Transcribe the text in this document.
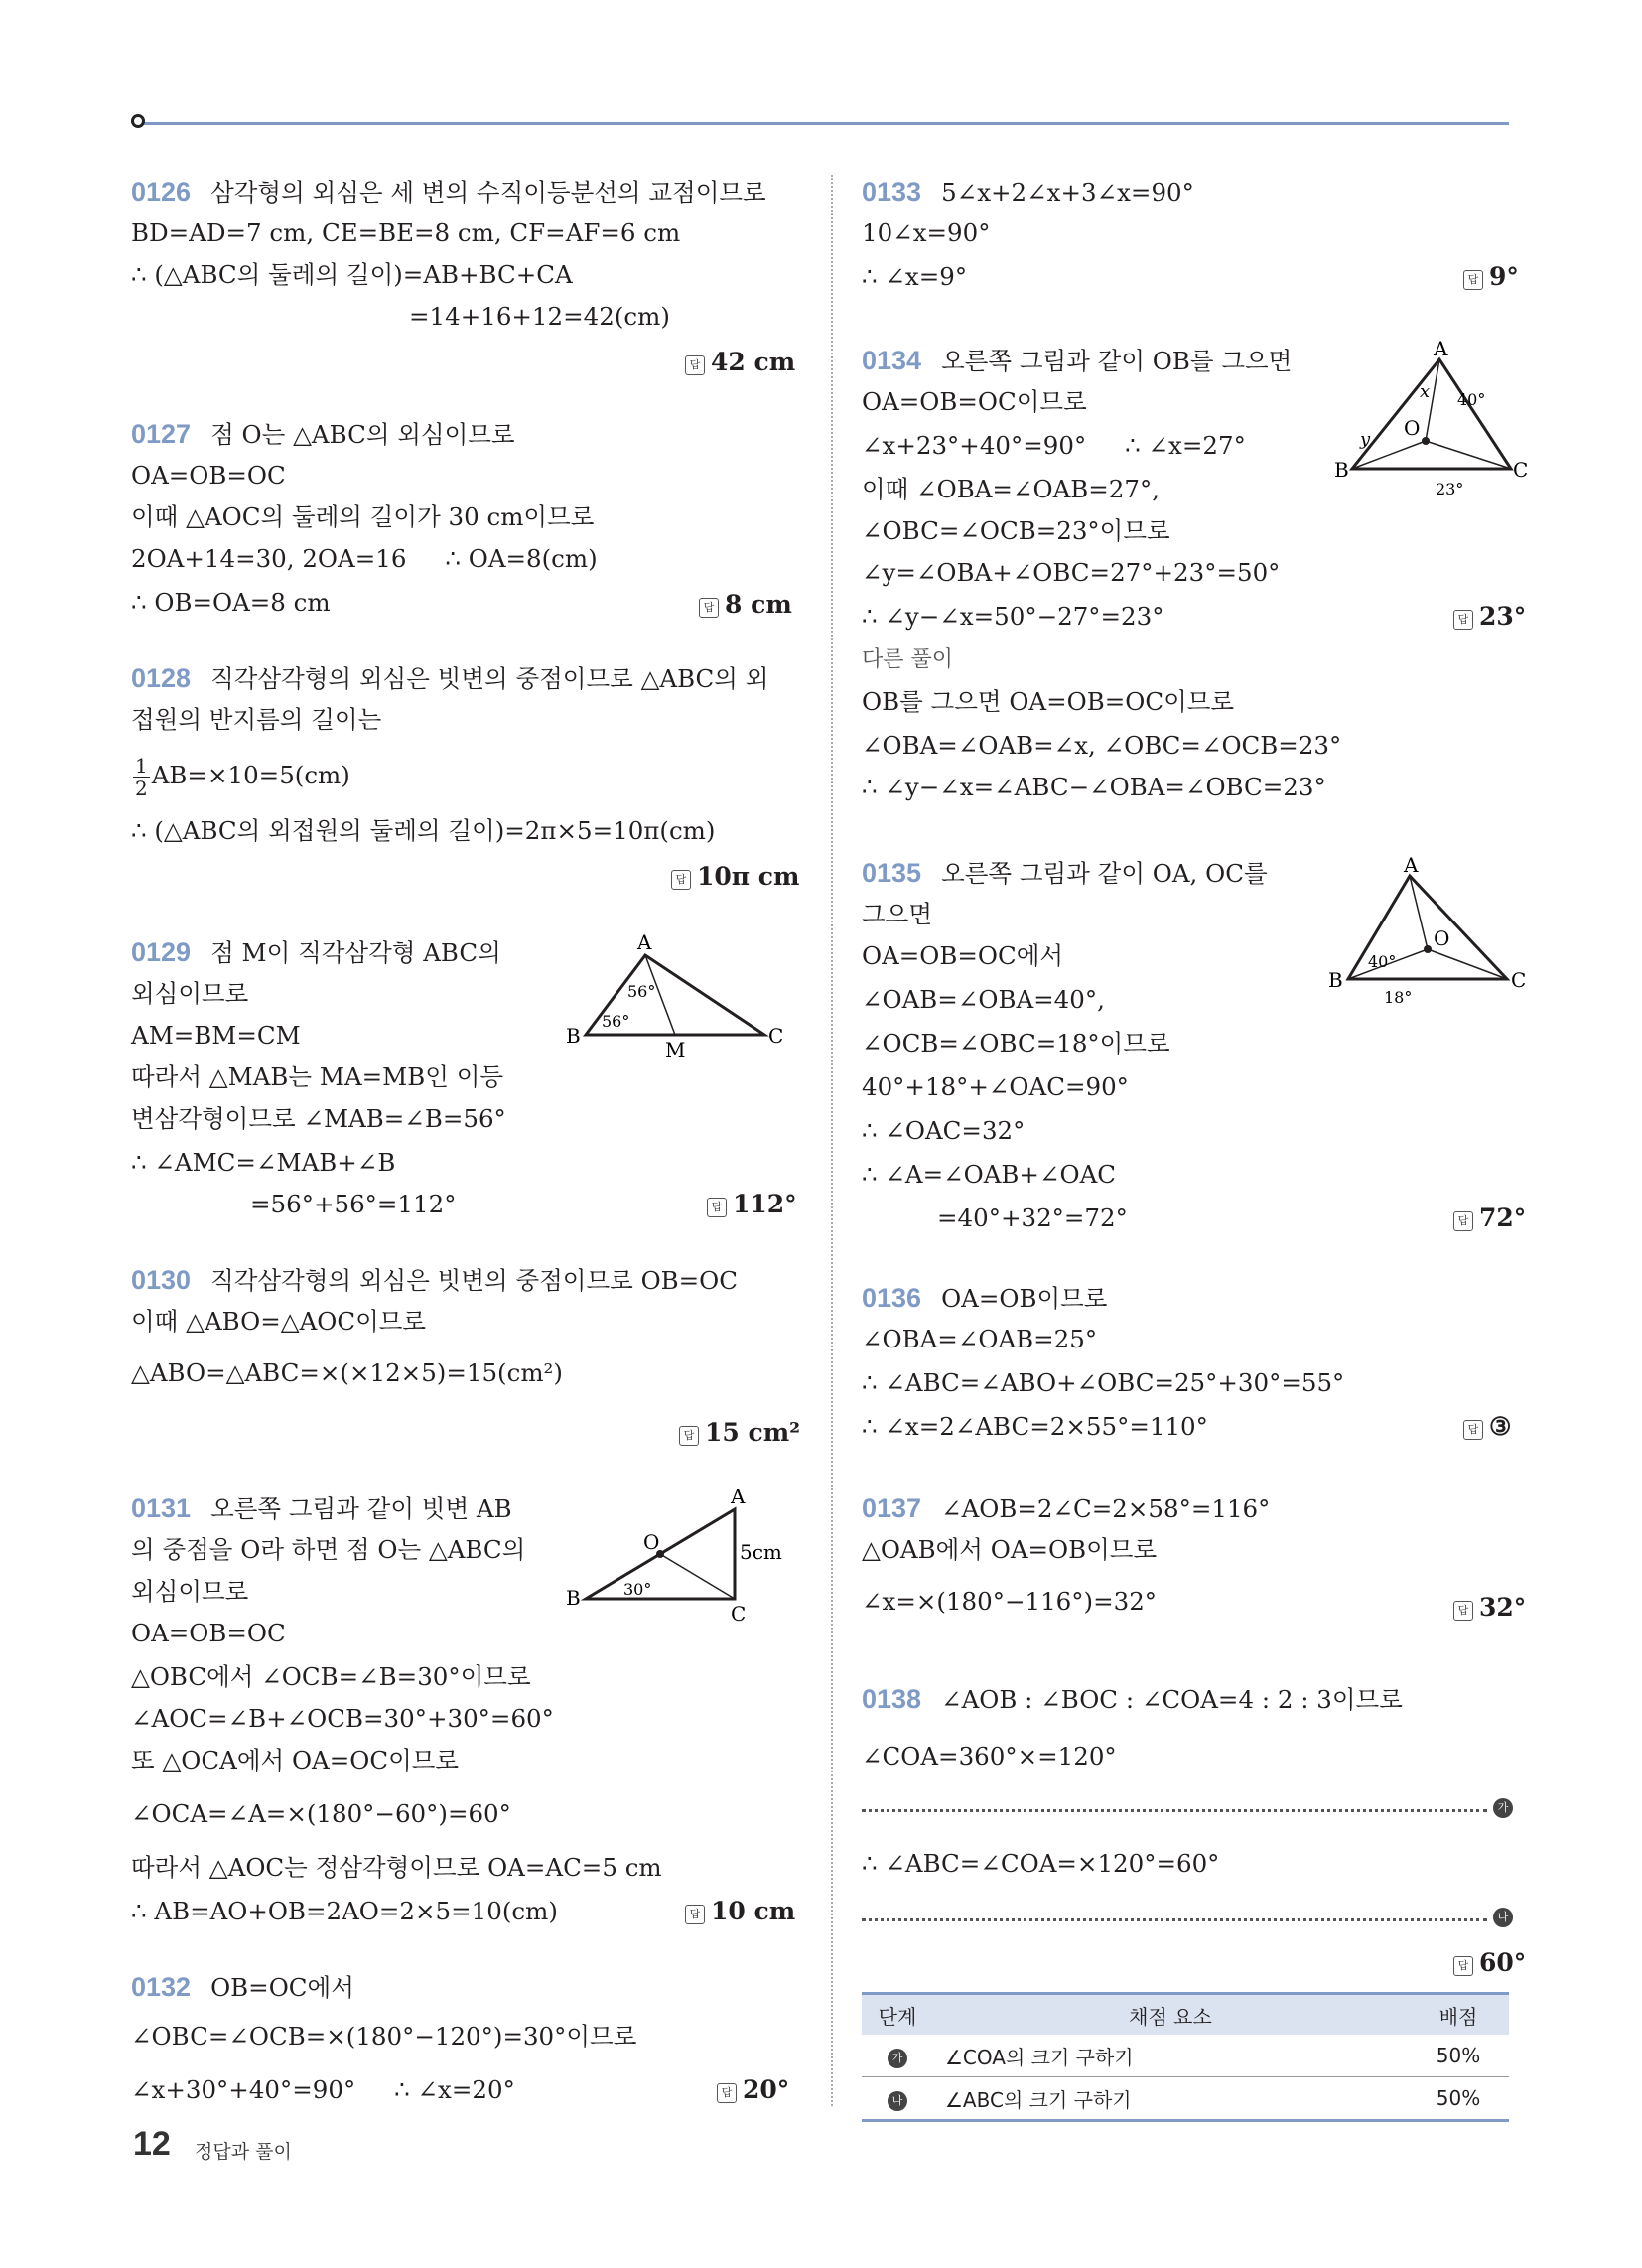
0126 삼각형의 외심은 세 변의 수직이등분선의 교점이므로
BD=AD=7 cm, CE=BE=8 cm, CF=AF=6 cm
∴ (△ABC의 둘레의 길이)=AB+BC+CA
=14+16+12=42(cm)
답 42 cm
0127 점 O는 △ABC의 외심이므로
OA=OB=OC
이때 △AOC의 둘레의 길이가 30 cm이므로
2OA+14=30, 2OA=16     ∴ OA=8(cm)
∴ OB=OA=8 cm	답 8 cm
0128 직각삼각형의 외심은 빗변의 중점이므로 △ABC의 외
접원의 반지름의 길이는
$\frac{1}{2} AB=\times 10=5(cm)$
∴ (△ABC의 외접원의 둘레의 길이)=2π×5=10π(cm)
답 10π cm
0129 점 M이 직각삼각형 ABC의
외심이므로
AM=BM=CM
따라서 △MAB는 MA=MB인 이등
변삼각형이므로 ∠MAB=∠B=56°
∴ ∠AMC=∠MAB+∠B
=56°+56°=112°	답 112°
A
B	C
M
56°
56°
0130 직각삼각형의 외심은 빗변의 중점이므로 OB=OC
이때 △ABO=△AOC이므로
△ABO=△ABC=×(×12×5)=15(cm²)
답 15 cm²
0131 오른쪽 그림과 같이 빗변 AB
의 중점을 O라 하면 점 O는 △ABC의
외심이므로
OA=OB=OC
△OBC에서 ∠OCB=∠B=30°이므로
∠AOC=∠B+∠OCB=30°+30°=60°
또 △OCA에서 OA=OC이므로
∠OCA=∠A=×(180°−60°)=60°
따라서 △AOC는 정삼각형이므로 OA=AC=5 cm
∴ AB=AO+OB=2AO=2×5=10(cm)	답 10 cm
A
B
C
O	5cm
30°
0132 OB=OC에서
∠OBC=∠OCB=×(180°−120°)=30°이므로
∠x+30°+40°=90°     ∴ ∠x=20°	답 20°
0133 5∠x+2∠x+3∠x=90°
10∠x=90°
∴ ∠x=9°	답 9°
0134 오른쪽 그림과 같이 OB를 그으면
OA=OB=OC이므로
∠x+23°+40°=90°     ∴ ∠x=27°
이때 ∠OBA=∠OAB=27°,
∠OBC=∠OCB=23°이므로
∠y=∠OBA+∠OBC=27°+23°=50°
∴ ∠y−∠x=50°−27°=23°	답 23°
다른 풀이
OB를 그으면 OA=OB=OC이므로
∠OBA=∠OAB=∠x, ∠OBC=∠OCB=23°
∴ ∠y−∠x=∠ABC−∠OBA=∠OBC=23°
A
B	C
O
x
y
40°
23°
0135 오른쪽 그림과 같이 OA, OC를
그으면
OA=OB=OC에서
∠OAB=∠OBA=40°,
∠OCB=∠OBC=18°이므로
40°+18°+∠OAC=90°
∴ ∠OAC=32°
∴ ∠A=∠OAB+∠OAC
=40°+32°=72°	답 72°
A
B	C
O
40°
18°
0136 OA=OB이므로
∠OBA=∠OAB=25°
∴ ∠ABC=∠ABO+∠OBC=25°+30°=55°
∴ ∠x=2∠ABC=2×55°=110°	답 ③
0137 ∠AOB=2∠C=2×58°=116°
△OAB에서 OA=OB이므로
∠x=×(180°−116°)=32°	답 32°
0138 ∠AOB : ∠BOC : ∠COA=4 : 2 : 3이므로
∠COA=360°×=120°
가
∴ ∠ABC=∠COA=×120°=60°
나
답 60°
단계	채점 요소	배점
가	∠COA의 크기 구하기	50%
나	∠ABC의 크기 구하기	50%
12 정답과 풀이
